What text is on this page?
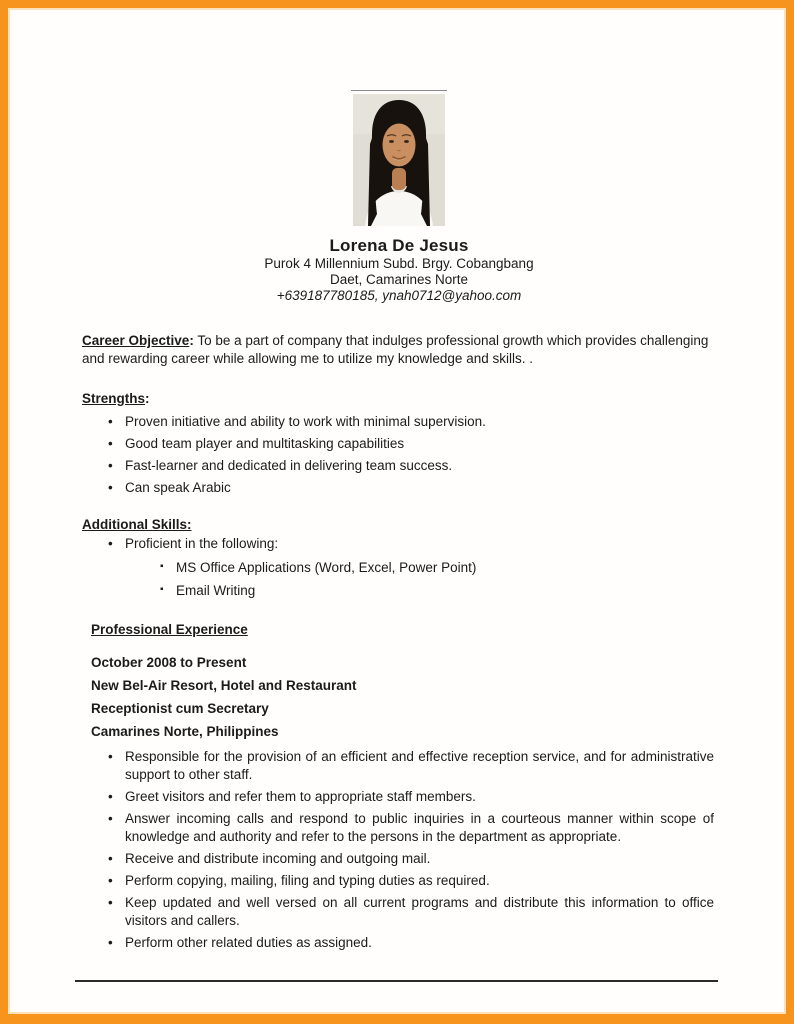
Lorena De Jesus
Purok 4 Millennium Subd. Brgy. Cobangbang
Daet, Camarines Norte
+639187780185, ynah0712@yahoo.com
Career Objective: To be a part of company that indulges professional growth which provides challenging and rewarding career while allowing me to utilize my knowledge and skills. .
Strengths:
• Proven initiative and ability to work with minimal supervision.
• Good team player and multitasking capabilities
• Fast-learner and dedicated in delivering team success.
• Can speak Arabic
Additional Skills:
• Proficient in the following:
▪ MS Office Applications (Word, Excel, Power Point)
▪ Email Writing
Professional Experience
October 2008 to Present
New Bel-Air Resort, Hotel and Restaurant
Receptionist cum Secretary
Camarines Norte, Philippines
• Responsible for the provision of an efficient and effective reception service, and for administrative support to other staff.
• Greet visitors and refer them to appropriate staff members.
• Answer incoming calls and respond to public inquiries in a courteous manner within scope of knowledge and authority and refer to the persons in the department as appropriate.
• Receive and distribute incoming and outgoing mail.
• Perform copying, mailing, filing and typing duties as required.
• Keep updated and well versed on all current programs and distribute this information to office visitors and callers.
• Perform other related duties as assigned.
